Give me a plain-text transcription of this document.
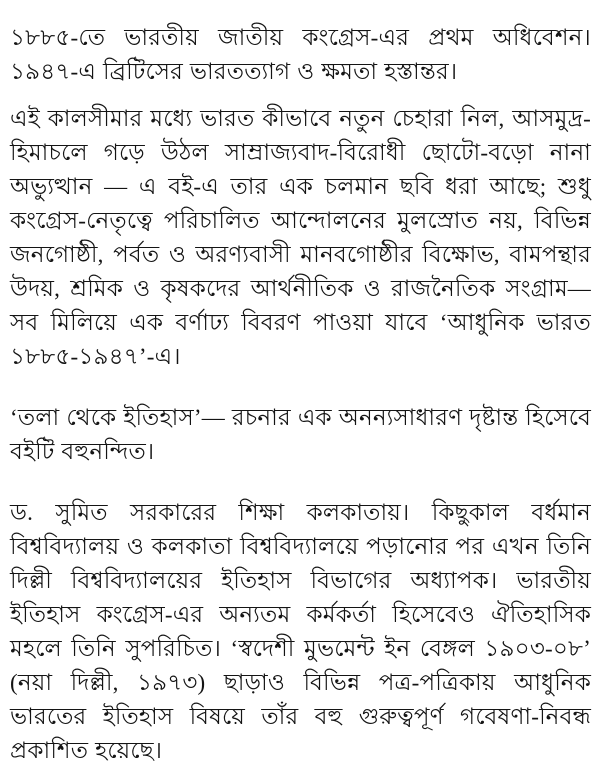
১৮৮৫-তে ভারতীয় জাতীয় কংগ্রেস-এর প্রথম অধিবেশন। ১৯৪৭-এ ব্রিটিসের ভারতত্যাগ ও ক্ষমতা হস্তান্তর।

এই কালসীমার মধ্যে ভারত কীভাবে নতুন চেহারা নিল, আসমুদ্র-হিমাচলে গড়ে উঠল সাম্রাজ্যবাদ-বিরোধী ছোটো-বড়ো নানা অভ্যুত্থান — এ বই-এ তার এক চলমান ছবি ধরা আছে; শুধু কংগ্রেস-নেতৃত্বে পরিচালিত আন্দোলনের মুলস্রোত নয়, বিভিন্ন জনগোষ্ঠী, পর্বত ও অরণ্যবাসী মানবগোষ্ঠীর বিক্ষোভ, বামপন্থার উদয়, শ্রমিক ও কৃষকদের আর্থনীতিক ও রাজনৈতিক সংগ্রাম—সব মিলিয়ে এক বর্ণাঢ্য বিবরণ পাওয়া যাবে ‘আধুনিক ভারত ১৮৮৫-১৯৪৭’-এ।

‘তলা থেকে ইতিহাস’— রচনার এক অনন্যসাধারণ দৃষ্টান্ত হিসেবে বইটি বহুনন্দিত।

ড. সুমিত সরকারের শিক্ষা কলকাতায়। কিছুকাল বর্ধমান বিশ্ববিদ্যালয় ও কলকাতা বিশ্ববিদ্যালয়ে পড়ানোর পর এখন তিনি দিল্লী বিশ্ববিদ্যালয়ের ইতিহাস বিভাগের অধ্যাপক। ভারতীয় ইতিহাস কংগ্রেস-এর অন্যতম কর্মকর্তা হিসেবেও ঐতিহাসিক মহলে তিনি সুপরিচিত। ‘স্বদেশী মুভমেন্ট ইন বেঙ্গল ১৯০৩-০৮’ (নয়া দিল্লী, ১৯৭৩) ছাড়াও বিভিন্ন পত্র-পত্রিকায় আধুনিক ভারতের ইতিহাস বিষয়ে তাঁর বহু গুরুত্বপূর্ণ গবেষণা-নিবন্ধ প্রকাশিত হয়েছে।
